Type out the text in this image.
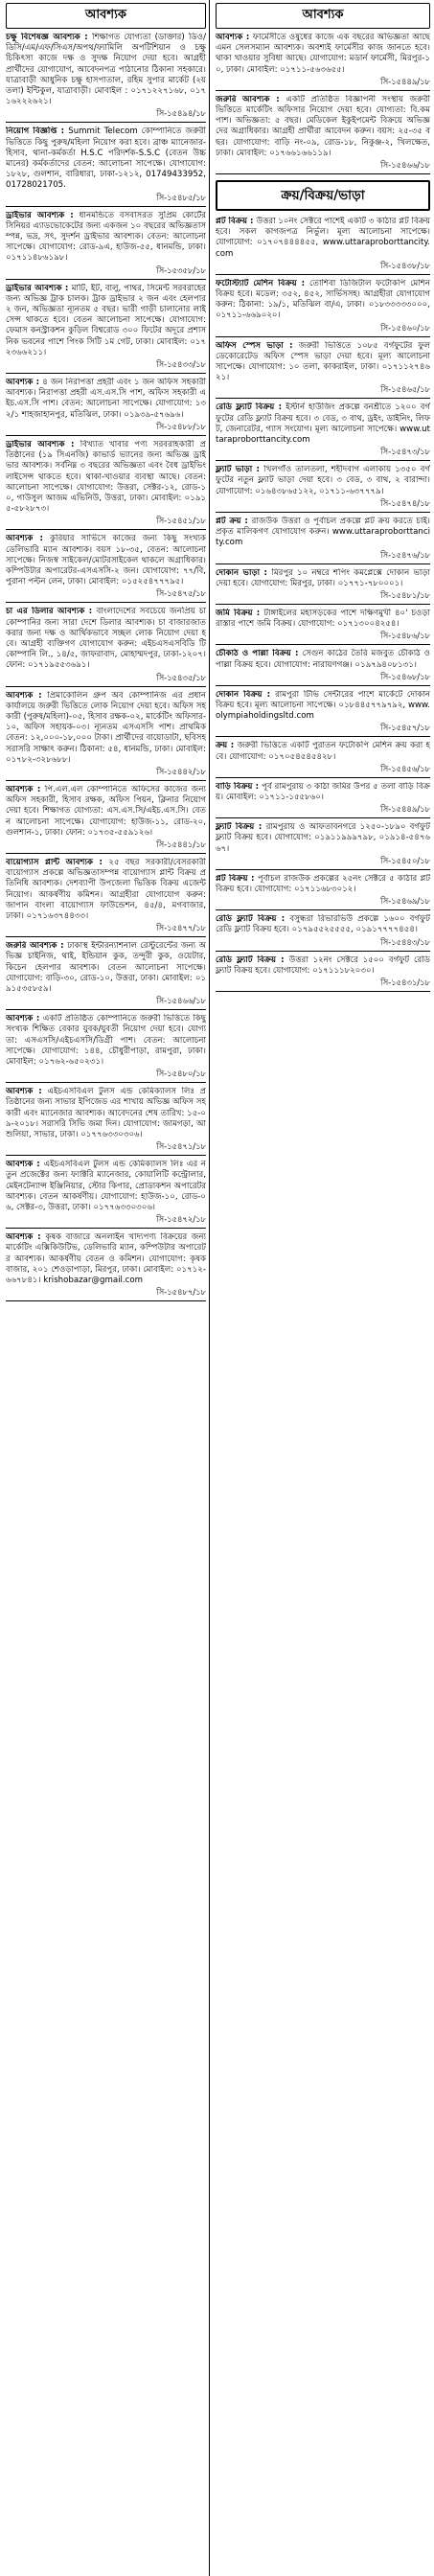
আবশ্যক
চক্ষু বিশেষজ্ঞ আবশ্যক : শিক্ষাগত যোগ্যতা (ডাক্তার) ডিও/ডিসি/এম/এফ/সিএস/অপথ/ফ্যামিলি অপটিশিয়ান ও চক্ষু চিকিৎসা কাজে দক্ষ ও সুদক্ষ নিয়োগ দেয়া হবে। আগ্রহী প্রার্থীদের যোগাযোগ, আবেদনপত্র পাঠানোর ঠিকানা সহকারে। যাত্রাবাড়ী আধুনিক চক্ষু হাসপাতাল, রহিম সুপার মার্কেট (২য় তলা) ইন্টিকুল, যাত্রাবাড়ী। মোবাইল : ০১৭১২২৭১৬৮, ০১৭১৬২২২৬২১।
সি-১৫৪৯৪/১৮
নিয়োগ বিজ্ঞপ্তি : Summit Telecom কোম্পানিতে জরুরী ভিত্তিতে কিছু পুরুষ/মহিলা নিয়োগ করা হবে। ব্রাঞ্চ ম্যানেজার-হিসাব, থানা-কর্মকর্তা H.S.C পরিদর্শক-S.S.C (বেতন উচ্চমানের) কর্মকর্তাদের বেতন: আলোচনা সাপেক্ষে। যোগাযোগ: ১৮২৮, গুলশান, বারিধারা, ঢাকা-১২১২, 01749433952, 01728021705.
সি-১৫৪৮৫/১৮
ড্রাইভার আবশ্যক : ধানমন্ডিতে বসবাসরত সুপ্রিম কোর্টের সিনিয়র এ্যাডভোকেটের জন্য একজন ১০ বছরের অভিজ্ঞতাসম্পন্ন, ভদ্র, সৎ, সুদর্শন ড্রাইভার আবশ্যক। বেতন: আলোচনা সাপেক্ষে। যোগাযোগ: রোড-৯এ, হাউজ-৫৫, ধানমন্ডি, ঢাকা। ০১৭১১৪৮৬১৯৮।
সি-১৫৩৫৮/১৮
ড্রাইভার আবশ্যক : মাটি, ইট, বালু, পাথর, সিমেন্ট সরবরাহের জন্য অভিজ্ঞ ট্রাক চালক। ট্রাক ড্রাইভার ২ জন এবং হেলপার ২ জন, অভিজ্ঞতা ন্যূনতম ৫ বছর। ভারী গাড়ী চালানোর লাইসেন্স থাকতে হবে। বেতন আলোচনা সাপেক্ষে। যোগাযোগ: ফেমাস কনস্ট্রাকশন কুড়িল বিশ্বরোড ৩০০ ফিটের অদূরে প্রশাসনিক ভবনের পাশে পিংক সিটি ১ম গেট, ঢাকা। মোবাইল: ০১৭২৩৬৬২১১।
সি-১৫৪৩৩/১৮
আবশ্যক : ৪ জন নিরাপত্তা প্রহরী এবং ১ জন অফিস সহকারী আবশ্যক। নিরাপত্তা প্রহরী এস.এস.সি পাশ, অফিস সহকারী এইচ.এস.সি পাশ। বেতন: আলোচনা সাপেক্ষে। যোগাযোগ: ১৩২/১ শাহজাহানপুর, মতিঝিল, ঢাকা। ০১৯৩৯-৫৭৬৯৬।
সি-১৫৪৮৮/১৮
ড্রাইভার আবশ্যক : বিখ্যাত খাবার পণ্য সরবরাহকারী প্রতিষ্ঠানের (১৯ সিএনজি) কাভার্ড ভ্যানের জন্য অভিজ্ঞ ড্রাইভার আবশ্যক। সর্বনিম্ন ৩ বছরের অভিজ্ঞতা এবং বৈধ ড্রাইভিং লাইসেন্স থাকতে হবে। থাকা-খাওয়ার ব্যবস্থা আছে। বেতন: আলোচনা সাপেক্ষে। যোগাযোগ: উত্তরা, সেক্টর-১২, রোড-১০, গাউসুল আজম এভিনিউ, উত্তরা, ঢাকা। মোবাইল: ০১৯১৫-৫৮২৮৭৩।
সি-১৫৪৫১/১৮
আবশ্যক : কুরিয়ার সার্ভিসে কাজের জন্য কিছু সংখ্যক ডেলিভারি ম্যান আবশ্যক। বয়স ১৮-৩৫, বেতন: আলোচনা সাপেক্ষে। নিজস্ব সাইকেল/মোটরসাইকেল থাকলে অগ্রাধিকার। কম্পিউটার অপারেটর-এসএসসি-২ জন। যোগাযোগ: ৭৭/বি, পুরানা পল্টন লেন, ঢাকা। মোবাইল: ০১৫২৫৪৭৭৭৯৫।
সি-১৫৪৭৫/১৮
চা এর ডিলার আবশ্যক : বাংলাদেশের সবচেয়ে জনপ্রিয় চা কোম্পানির জন্য সারা দেশে ডিলার আবশ্যক। চা বাজারজাত করার জন্য দক্ষ ও আর্থিকভাবে সচ্ছল লোক নিয়োগ দেয়া হবে। আগ্রহী ব্যক্তিগণ যোগাযোগ করুন: এইচএসএসবিডি টি কোম্পানি লি., ১৪/৫, জাফরাবাদ, মোহাম্মদপুর, ঢাকা-১২০৭। ফোন: ০১৭১৯৫৫৩৬৯১।
সি-১৫৪৩৫/১৮
আবশ্যক : প্রিমাকোলিন গ্রুপ অব কোম্পানিজ এর প্রধান কার্যালয়ে জরুরী ভিত্তিতে লোক নিয়োগ দেয়া হবে। অফিস সহকারী (পুরুষ/মহিলা)-০৫, হিসাব রক্ষক-০২, মার্কেটিং অফিসার-১০, অফিস সহায়ক-০৩। ন্যূনতম এসএসসি পাশ। প্রাথমিক বেতন: ১২,০০০-১৮,০০০ টাকা। প্রার্থীদের বায়োডাটা, ছবিসহ সরাসরি সাক্ষাৎ করুন। ঠিকানা: ৫৪, ধানমন্ডি, ঢাকা। মোবাইল: ০১৭৮২-৩২৮৬৮৮।
সি-১৫৪৪২/১৮
আবশ্যক : পি.এল.এল কোম্পানিতে অফিসের কাজের জন্য অফিস সহকারী, হিসাব রক্ষক, অফিস পিয়ন, ক্লিনার নিয়োগ দেয়া হবে। শিক্ষাগত যোগ্যতা: এস.এস.সি/এইচ.এস.সি। বেতন আলোচনা সাপেক্ষে। যোগাযোগ: হাউজ-১১, রোড-২০, গুলশান-১, ঢাকা। ফোন: ০১৭৩৫-৫৫৯১২৬।
সি-১৫৪৪১/১৮
বায়োগ্যাস প্লান্ট আবশ্যক : ২৫ বছর সরকারী/বেসরকারী বায়োগ্যাস প্রকল্পে অভিজ্ঞতাসম্পন্ন বায়োগ্যাস প্লান্ট বিক্রয় প্রতিনিধি আবশ্যক। দেশব্যাপী উপজেলা ভিত্তিক বিক্রয় এজেন্ট নিয়োগ। আকর্ষণীয় কমিশন। আগ্রহীরা যোগাযোগ করুন: জাপান বাংলা বায়োগ্যাস ফাউন্ডেশন, ৪৫/৪, মগবাজার, ঢাকা। ০১৭১৬৩৭৪৪৩৩।
সি-১৫৪৭৭/১৮
জরুরি আবশ্যক : ঢাকাস্থ ইন্টারন্যাশনাল রেস্টুরেন্টের জন্য অভিজ্ঞ চাইনিজ, থাই, ইন্ডিয়ান কুক, তন্দুরী কুক, ওয়েটার, কিচেন হেলপার আবশ্যক। বেতন আলোচনা সাপেক্ষে। যোগাযোগ: বাড়ি-৩০, রোড-১০, উত্তরা, ঢাকা। মোবাইল: ০১৯১৫৩৫৮৫৯।
সি-১৫৪৬৬/১৮
আবশ্যক : একটি প্রতিষ্ঠিত কোম্পানিতে জরুরী ভিত্তিতে কিছু সংখ্যক শিক্ষিত বেকার যুবক/যুবতী নিয়োগ দেয়া হবে। যোগ্যতা: এসএসসি/এইচএসসি/ডিগ্রী পাশ। বেতন: আলোচনা সাপেক্ষে। যোগাযোগ: ১৪৪, চৌধুরীপাড়া, রামপুরা, ঢাকা। মোবাইল: ০১৭৬২-৬৫০২৩১।
সি-১৫৪৮০/১৮
আবশ্যক : এইচএসবিএল টুলস এন্ড কেমিক্যালস লিঃ প্রতিষ্ঠানের জন্য সাভার ইপিজেড এর শাখায় অভিজ্ঞ অফিস সহকারী এবং ম্যানেজার আবশ্যক। আবেদনের শেষ তারিখ: ১৫-০৯-২০১৮। সরাসরি সিভি জমা দিন। যোগাযোগ: জামগড়া, আশুলিয়া, সাভার, ঢাকা। ০১৭৭৬৩৩০৩০৬।
সি-১৫৪৭১/১৮
আবশ্যক : এইচএসবিএল টুলস এন্ড কেমিক্যালস লিঃ এর নতুন প্রজেক্টের জন্য ফ্যাক্টরি ম্যানেজার, কোয়ালিটি কন্ট্রোলার, মেইনটেন্যান্স ইঞ্জিনিয়ার, স্টোর কিপার, প্রোডাকশন অপারেটর আবশ্যক। বেতন আকর্ষণীয়। যোগাযোগ: হাউজ-১০, রোড-০৬, সেক্টর-৩, উত্তরা, ঢাকা। ০১৭৭৬৩৩০৩০৬।
সি-১৫৪৭২/১৮
আবশ্যক : কৃষক বাজারে অনলাইন খাদ্যপণ্য বিক্রয়ের জন্য মার্কেটিং এক্সিকিউটিভ, ডেলিভারি ম্যান, কম্পিউটার অপারেটর আবশ্যক। আকর্ষণীয় বেতন ও কমিশন। যোগাযোগ: কৃষক বাজার, ২০১ শেওড়াপাড়া, মিরপুর, ঢাকা। মোবাইল: ০১৭১২-৬৬৭৮৪১। krishobazar@gmail.com
সি-১৫৪৮৭/১৮
আবশ্যক
আবশ্যক : ফার্মেসীতে ওষুধের কাজে এক বছরের অভিজ্ঞতা আছে এমন সেলসম্যান আবশ্যক। অবশ্যই ফার্মেসীর কাজ জানতে হবে। থাকা খাওয়ার সুবিধা আছে। যোগাযোগ: মডার্ন ফার্মেসী, মিরপুর-১০, ঢাকা। মোবাইল: ০১৭১১-৫৬৩৬৫৫।
সি-১৫৪৪৯/১৮
জরুরি আবশ্যক : একটি প্রতিষ্ঠিত বিজ্ঞাপনী সংস্থায় জরুরী ভিত্তিতে মার্কেটিং অফিসার নিয়োগ দেয়া হবে। যোগ্যতা: বি.কম পাশ। অভিজ্ঞতা: ৫ বছর। মেডিকেল ইকুইপমেন্ট বিক্রয়ে অভিজ্ঞদের অগ্রাধিকার। আগ্রহী প্রার্থীরা আবেদন করুন। বয়স: ২৫-৩৫ বছর। যোগাযোগ: বাড়ি নং-০৯, রোড-১৮, নিকুঞ্জ-২, খিলক্ষেত, ঢাকা। মোবাইল: ০১৭৬৬১৬৬১১৯।
সি-১৫৪৬৬/১৮
ক্রয়/বিক্রয়/ভাড়া
প্লট বিক্রয় : উত্তরা ১০নং সেক্টরে পাশেই একটি ৩ কাঠার প্লট বিক্রয় হবে। সকল কাগজপত্র নির্ভুল। মূল্য আলোচনা সাপেক্ষে। যোগাযোগ: ০১৭০৭৪৪৪৪৫৫, www.uttaraproborttancity.com
সি-১৫৪৩৮/১৮
ফটোস্ট্যাট মেশিন বিক্রয় : তোশিবা ডিজিটাল ফটোকপি মেশিন বিক্রয় হবে। মডেল: ৩৫২, ৪৫২, সার্ভিসসহ। আগ্রহীরা যোগাযোগ করুন: ঠিকানা: ১৯/১, মতিঝিল বা/এ, ঢাকা। ০১৮৩৩৩৩৩০০০, ০১৭১১-৬৬৯০২০।
সি-১৫৪৬০/১৮
অফিস স্পেস ভাড়া : জরুরী ভিত্তিতে ১০৮৫ বর্গফুটের ফুল ডেকোরেটেড অফিস স্পেস ভাড়া দেয়া হবে। মূল্য আলোচনা সাপেক্ষে। যোগাযোগ: ১০ তলা, কাকরাইল, ঢাকা। ০১৭১১২৭৪৬২১।
সি-১৫৪৬৫/১৮
রেডি ফ্ল্যাট বিক্রয় : ইস্টার্ন হাউজিং প্রকল্পে বনশ্রীতে ১২০০ বর্গফুটের রেডি ফ্ল্যাট বিক্রয় হবে। ৩ বেড, ৩ বাথ, ড্রইং, ডাইনিং, লিফট, জেনারেটর, গ্যাস সংযোগ। মূল্য আলোচনা সাপেক্ষে। www.uttaraproborttancity.com
সি-১৫৪৭৩/১৮
ফ্ল্যাট ভাড়া : খিলগাঁও তালতলা, শহীদবাগ এলাকায় ১৩৫০ বর্গফুটের নতুন ফ্ল্যাট ভাড়া দেয়া হবে। ৩ বেড, ৩ বাথ, ২ বারান্দা। যোগাযোগ: ০১৬৪৩৮৬৫১২২, ০১৭১১-৬৩৭৭৭৯।
সি-১৫৪৭৪/১৮
প্লট ক্রয় : রাজউক উত্তরা ও পূর্বাচল প্রকল্পে প্লট ক্রয় করতে চাই। প্রকৃত মালিকগণ যোগাযোগ করুন। www.uttaraproborttancity.com
সি-১৫৪৭৬/১৮
দোকান ভাড়া : মিরপুর ১০ নম্বরে শপিং কমপ্লেক্সে দোকান ভাড়া দেয়া হবে। যোগাযোগ: মিরপুর, ঢাকা। ০১৭৭১-৭৮০০০১।
সি-১৫৪৮১/১৮
জমি বিক্রয় : টাঙ্গাইলের মহাসড়কের পাশে দক্ষিণমুখী ৪০' চওড়া রাস্তার পাশে জমি বিক্রয়। যোগাযোগ: ০১৭১৩০০৪২৫৪।
সি-১৫৪৮৬/১৮
চৌকাঠ ও পাল্লা বিক্রয় : সেগুন কাঠের তৈরি মজবুত চৌকাঠ ও পাল্লা বিক্রয় হবে। যোগাযোগ: নারায়ণগঞ্জ। ০১৯৭৯৪০৮১৩১।
সি-১৫৪৬৮/১৮
দোকান বিক্রয় : রামপুরা টিভি সেন্টারের পাশে মার্কেটে দোকান বিক্রয় হবে। মূল্য আলোচনা সাপেক্ষে। ০১৮৪৪৫৭৭৯৭৯২, www.olympiaholdingsltd.com
সি-১৫৪৫৭/১৮
ক্রয় : জরুরী ভিত্তিতে একটি পুরাতন ফটোকপি মেশিন ক্রয় করা হবে। যোগাযোগ: ০১৭০৫৪৫৪৫৪২৮।
সি-১৫৪৫৬/১৮
বাড়ি বিক্রয় : পূর্ব রামপুরায় ৩ কাঠা জমির উপর ৫ তলা বাড়ি বিক্রয়। মোবাইল: ০১৭১১-১৫৫৮৬০।
সি-১৫৪৪৯/১৮
ফ্ল্যাট বিক্রয় : রামপুরায় ও আফতাবনগরে ১২৫০-১৮৯০ বর্গফুট ফ্ল্যাট বিক্রয় হবে। যোগাযোগ: ০১৯১১৯৯৯৭৯৮, ০১৯১৪-৫৪৭৬৬৭।
সি-১৫৪৫০/১৮
প্লট বিক্রয় : পূর্বাচল রাজউক প্রকল্পের ২৫নং সেক্টরে ৫ কাঠার প্লট বিক্রয় হবে। যোগাযোগ: ০১৭১১৬৮৩০১২।
সি-১৫৪৬৯/১৮
রেডি ফ্ল্যাট বিক্রয় : বসুন্ধরা রিভারভিউ প্রকল্পে ১৬০০ বর্গফুট রেডি ফ্ল্যাট বিক্রয় হবে। ০১৭৯৫৫২৫৫৫৫, ০১৯১৭৭৭৭৪৫৪।
সি-১৫৪৪৩/১৮
রেডি ফ্ল্যাট বিক্রয় : উত্তরা ১২নং সেক্টরে ১৫০০ বর্গফুট রেডি ফ্ল্যাট বিক্রয় হবে। যোগাযোগ: ০১৭১১১৮২০৩০।
সি-১৫৪৩১/১৮
